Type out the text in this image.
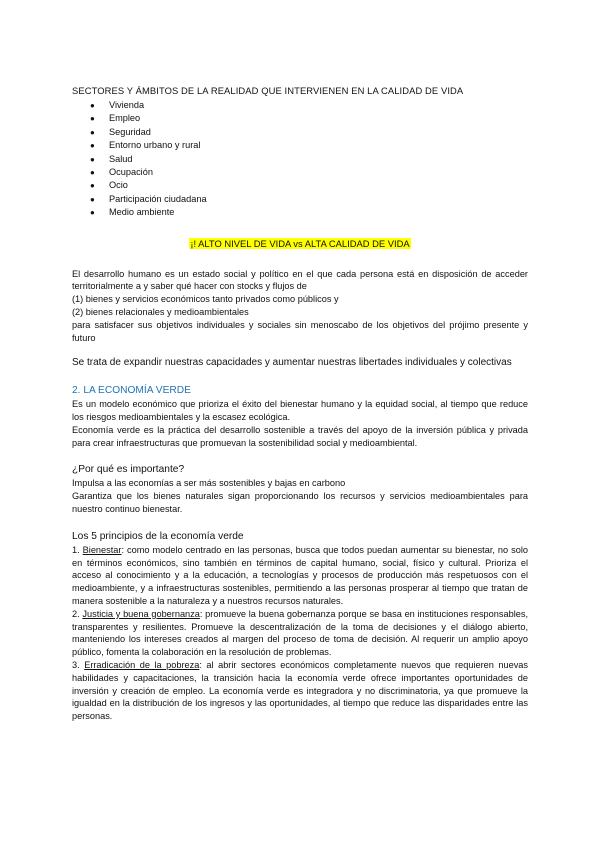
SECTORES Y ÁMBITOS DE LA REALIDAD QUE INTERVIENEN EN LA CALIDAD DE VIDA

● Vivienda
● Empleo
● Seguridad
● Entorno urbano y rural
● Salud
● Ocupación
● Ocio
● Participación ciudadana
● Medio ambiente
¡! ALTO NIVEL DE VIDA vs ALTA CALIDAD DE VIDA

El desarrollo humano es un estado social y político en el que cada persona está en disposición de acceder territorialmente a y saber qué hacer con stocks y flujos de

(1) bienes y servicios económicos tanto privados como públicos y

(2) bienes relacionales y medioambientales

para satisfacer sus objetivos individuales y sociales sin menoscabo de los objetivos del prójimo presente y futuro

Se trata de expandir nuestras capacidades y aumentar nuestras libertades individuales y colectivas

2. LA ECONOMÍA VERDE

Es un modelo económico que prioriza el éxito del bienestar humano y la equidad social, al tiempo que reduce los riesgos medioambientales y la escasez ecológica.

Economía verde es la práctica del desarrollo sostenible a través del apoyo de la inversión pública y privada para crear infraestructuras que promuevan la sostenibilidad social y medioambiental.

¿Por qué es importante?

Impulsa a las economías a ser más sostenibles y bajas en carbono

Garantiza que los bienes naturales sigan proporcionando los recursos y servicios medioambientales para nuestro continuo bienestar.

Los 5 principios de la economía verde

1. Bienestar: como modelo centrado en las personas, busca que todos puedan aumentar su bienestar, no solo en términos económicos, sino también en términos de capital humano, social, físico y cultural. Prioriza el acceso al conocimiento y a la educación, a tecnologías y procesos de producción más respetuosos con el medioambiente, y a infraestructuras sostenibles, permitiendo a las personas prosperar al tiempo que tratan de manera sostenible a la naturaleza y a nuestros recursos naturales.

2. Justicia y buena gobernanza: promueve la buena gobernanza porque se basa en instituciones responsables, transparentes y resilientes. Promueve la descentralización de la toma de decisiones y el diálogo abierto, manteniendo los intereses creados al margen del proceso de toma de decisión. Al requerir un amplio apoyo público, fomenta la colaboración en la resolución de problemas.

3. Erradicación de la pobreza: al abrir sectores económicos completamente nuevos que requieren nuevas habilidades y capacitaciones, la transición hacia la economía verde ofrece importantes oportunidades de inversión y creación de empleo. La economía verde es integradora y no discriminatoria, ya que promueve la igualdad en la distribución de los ingresos y las oportunidades, al tiempo que reduce las disparidades entre las personas.
